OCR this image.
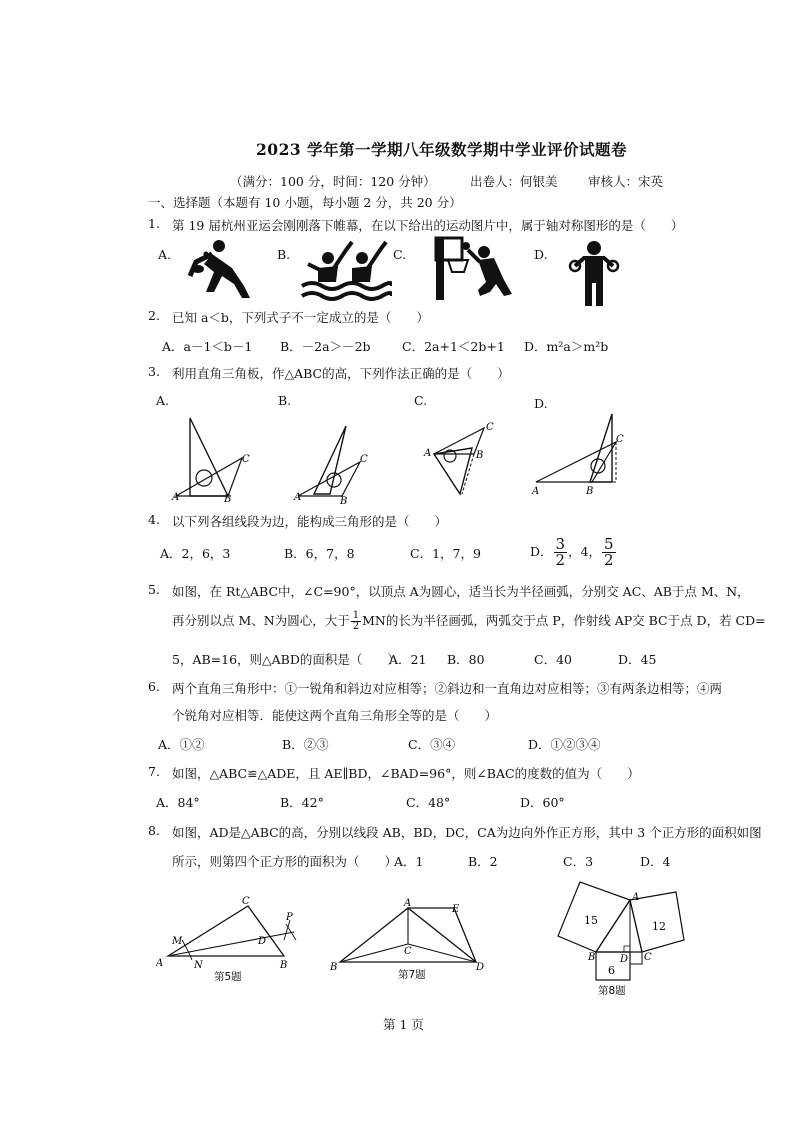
2023 学年第一学期八年级数学期中学业评价试题卷
（满分：100 分，时间：120 分钟）	出卷人：何银美 审核人：宋英
一、选择题（本题有 10 小题，每小题 2 分，共 20 分）
1. 第 19 届杭州亚运会刚刚落下帷幕，在以下给出的运动图片中，属于轴对称图形的是（　　）
A.	B.	C.	D.
2. 已知 a＜b，下列式子不一定成立的是（　　）
A．a－1＜b－1 B．－2a＞－2b	C．2a+1＜2b+1 D．m²a＞m²b
3. 利用直角三角板，作△ABC的高，下列作法正确的是（　　）
A.	B.	C.	D.
A	B
C
A	B
C
A	B
C
A	B
C
4. 以下列各组线段为边，能构成三角形的是（　　）
A．2，6，3	B．6，7，8	C．1，7，9	D． $\frac{3}{2}$ ，4， $\frac{5}{2}$
5. 如图，在 Rt△ABC中，∠C=90°，以顶点 A为圆心，适当长为半径画弧，分别交 AC、AB于点 M、N，
再分别以点 M、N为圆心，大于 $\frac{1}{2}$ MN的长为半径画弧，两弧交于点 P，作射线 AP交 BC于点 D，若 CD=
5，AB=16，则△ABD的面积是（　　）
A．21 B．80	C．40	D．45
6. 两个直角三角形中：①一锐角和斜边对应相等；②斜边和一直角边对应相等；③有两条边相等；④两
个锐角对应相等．能使这两个直角三角形全等的是（　　）
A．①②	B．②③	C．③④	D．①②③④
7. 如图，△ABC≌△ADE，且 AE∥BD，∠BAD=96°，则∠BAC的度数的值为（　　）
A．84°	B．42°	C．48°	D．60°
8. 如图，AD是△ABC的高，分别以线段 AB，BD，DC，CA为边向外作正方形，其中 3 个正方形的面积如图
所示，则第四个正方形的面积为（　　）
A．1	B．2	C．3	D．4
A	B
C
M
N
D
P
第5题
A
B
C
D
E
第7题
A
B	C
D
15	12
6
第8题
第 1 页
